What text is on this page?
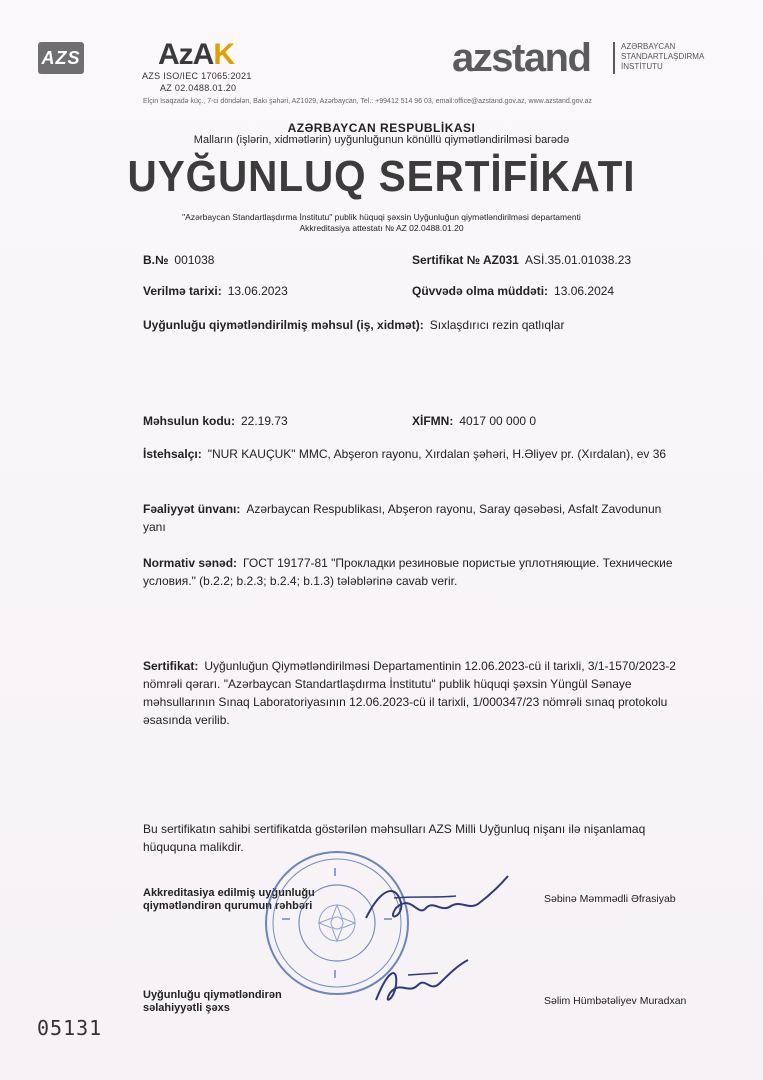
AZS	AzAK
AZS ISO/IEC 17065:2021
AZ 02.0488.01.20
azstand	AZƏRBAYCAN STANDARTLAŞDIRMA İNSTİTUTU
Elçin İsaqzadə küç., 7-ci döndələn, Bakı şəhəri, AZ1029, Azərbaycan, Tel.: +99412 514 96 03, email:office@azstand.gov.az, www.azstand.gov.az
AZƏRBAYCAN RESPUBLİKASI
Malların (işlərin, xidmətlərin) uyğunluğunun könüllü qiymətləndirilməsi barədə
UYĞUNLUQ SERTİFİKATI
"Azərbaycan Standartlaşdırma İnstitutu" publik hüquqi şəxsin Uyğunluğun qiymətləndirilməsi departamenti
Akkreditasiya attestatı № AZ 02.0488.01.20
B.№ 001038	Sertifikat № AZ031 ASİ.35.01.01038.23
Verilmə tarixi: 13.06.2023	Qüvvədə olma müddəti: 13.06.2024
Uyğunluğu qiymətləndirilmiş məhsul (iş, xidmət): Sıxlaşdırıcı rezin qatlıqlar
Məhsulun kodu: 22.19.73	XİFMN: 4017 00 000 0
İstehsalçı: "NUR KAUÇUK" MMC, Abşeron rayonu, Xırdalan şəhəri, H.Əliyev pr. (Xırdalan), ev 36
Fəaliyyət ünvanı: Azərbaycan Respublikası, Abşeron rayonu, Saray qəsəbəsi, Asfalt Zavodunun
yanı
Normativ sənəd: ГОСТ 19177-81 "Прокладки резиновые пористые уплотняющие. Технические
условия." (b.2.2; b.2.3; b.2.4; b.1.3) tələblərinə cavab verir.
Sertifikat: Uyğunluğun Qiymətləndirilməsi Departamentinin 12.06.2023-cü il tarixli, 3/1-1570/2023-2
nömrəli qərarı. "Azərbaycan Standartlaşdırma İnstitutu" publik hüquqi şəxsin Yüngül Sənaye
məhsullarının Sınaq Laboratoriyasının 12.06.2023-cü il tarixli, 1/000347/23 nömrəli sınaq protokolu
əsasında verilib.
Bu sertifikatın sahibi sertifikatda göstərilən məhsulları AZS Milli Uyğunluq nişanı ilə nişanlamaq
hüququna malikdir.
Akkreditasiya edilmiş uyğunluğu
qiymətləndirən qurumun rəhbəri
Səbinə Məmmədli Əfrasiyab
Uyğunluğu qiymətləndirən
səlahiyyətli şəxs
Səlim Hümbətəliyev Muradxan
05131
